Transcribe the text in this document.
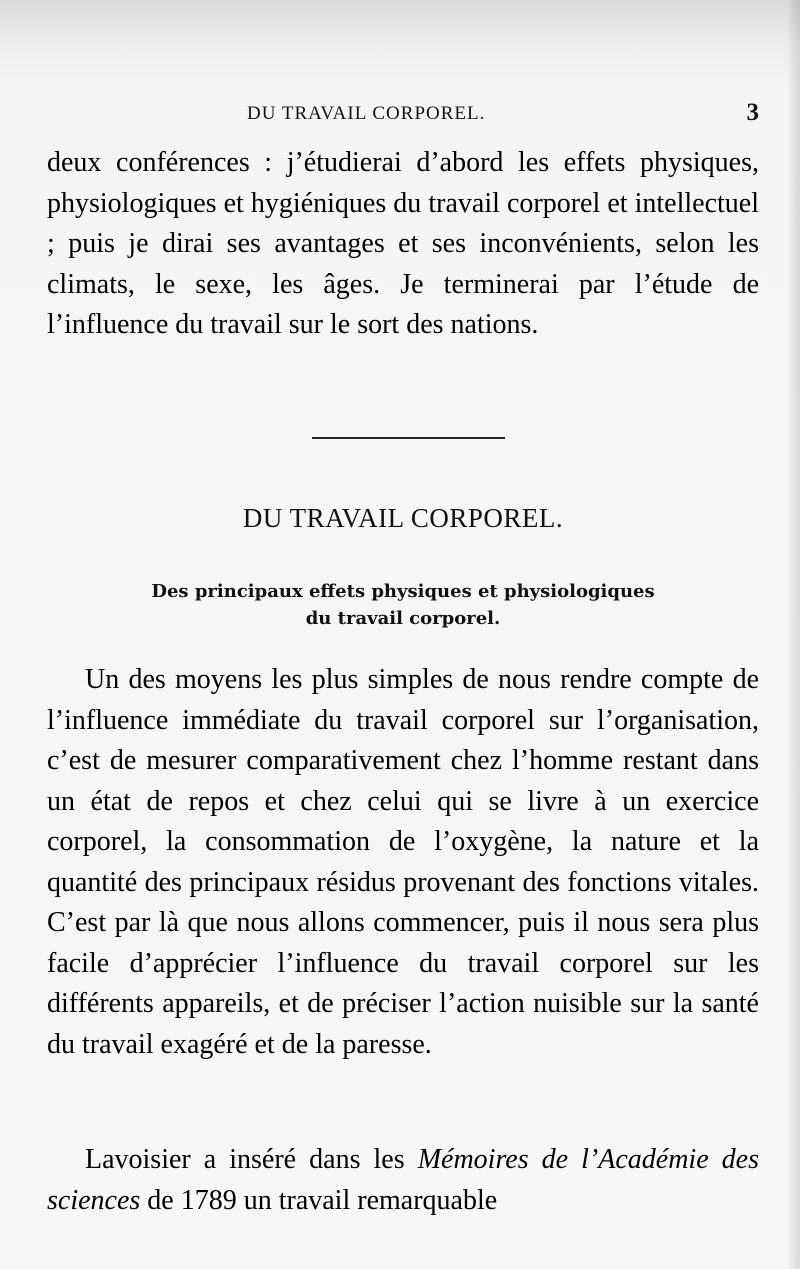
DU TRAVAIL CORPOREL.	3

deux conférences : j’étudierai d’abord les effets physiques, physiologiques et hygiéniques du travail corporel et intellectuel ; puis je dirai ses avantages et ses inconvénients, selon les climats, le sexe, les âges. Je terminerai par l’étude de l’influence du travail sur le sort des nations.

DU TRAVAIL CORPOREL.
Des principaux effets physiques et physiologiques
du travail corporel.

Un des moyens les plus simples de nous rendre compte de l’influence immédiate du travail corporel sur l’organisation, c’est de mesurer comparativement chez l’homme restant dans un état de repos et chez celui qui se livre à un exercice corporel, la consommation de l’oxygène, la nature et la quantité des principaux résidus provenant des fonctions vitales. C’est par là que nous allons commencer, puis il nous sera plus facile d’apprécier l’influence du travail corporel sur les différents appareils, et de préciser l’action nuisible sur la santé du travail exagéré et de la paresse.

Lavoisier a inséré dans les Mémoires de l’Académie des sciences de 1789 un travail remarquable
